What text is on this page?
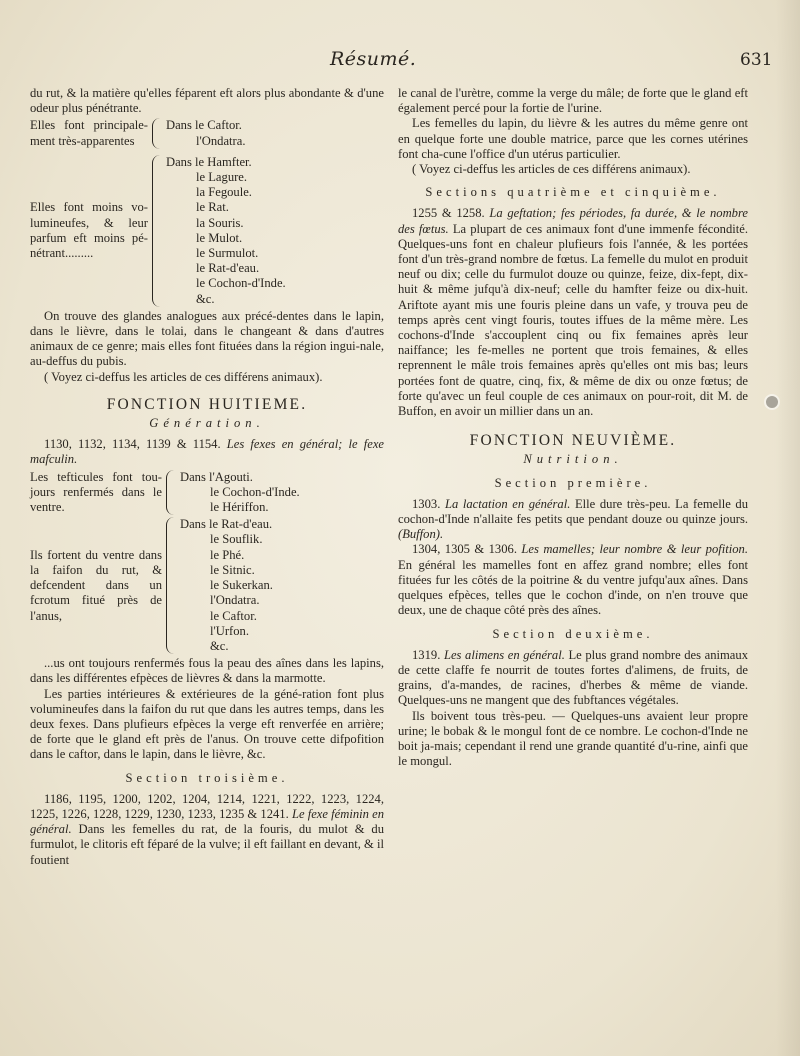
Résumé.	631

du rut, & la matière qu'elles féparent eft alors plus abondante & d'une odeur plus pénétrante.

Elles font principale-ment très-apparentes
Dans le Caftor.
l'Ondatra.
Elles font moins vo-lumineufes, & leur parfum eft moins pé-nétrant.........
Dans le Hamfter.
le Lagure.
la Fegoule.
le Rat.
la Souris.
le Mulot.
le Surmulot.
le Rat-d'eau.
le Cochon-d'Inde.
&c.

On trouve des glandes analogues aux précé-dentes dans le lapin, dans le lièvre, dans le tolai, dans le changeant & dans d'autres animaux de ce genre; mais elles font fituées dans la région ingui-nale, au-deffus du pubis.

( Voyez ci-deffus les articles de ces différens animaux).

FONCTION HUITIEME.
Génération.

1130, 1132, 1134, 1139 & 1154. Les fexes en général; le fexe mafculin.

Les tefticules font tou-jours renfermés dans le ventre.
Dans l'Agouti.
le Cochon-d'Inde.
le Hériffon.
Ils fortent du ventre dans la faifon du rut, & defcendent dans un fcrotum fitué près de l'anus,
Dans le Rat-d'eau.
le Souflik.
le Phé.
le Sitnic.
le Sukerkan.
l'Ondatra.
le Caftor.
l'Urfon.
&c.

...us ont toujours renfermés fous la peau des aînes dans les lapins, dans les différentes efpèces de lièvres & dans la marmotte.

Les parties intérieures & extérieures de la géné-ration font plus volumineufes dans la faifon du rut que dans les autres temps, dans les deux fexes. Dans plufieurs efpèces la verge eft renverfée en arrière; de forte que le gland eft près de l'anus. On trouve cette difpofition dans le caftor, dans le lapin, dans le lièvre, &c.

Section troisième.

1186, 1195, 1200, 1202, 1204, 1214, 1221, 1222, 1223, 1224, 1225, 1226, 1228, 1229, 1230, 1233, 1235 & 1241. Le fexe féminin en général. Dans les femelles du rat, de la fouris, du mulot & du furmulot, le clitoris eft féparé de la vulve; il eft faillant en devant, & il foutient

le canal de l'urètre, comme la verge du mâle; de forte que le gland eft également percé pour la fortie de l'urine.

Les femelles du lapin, du lièvre & les autres du même genre ont en quelque forte une double matrice, parce que les cornes utérines font cha-cune l'office d'un utérus particulier.

( Voyez ci-deffus les articles de ces différens animaux).

Sections quatrième et cinquième.

1255 & 1258. La geftation; fes périodes, fa durée, & le nombre des fœtus. La plupart de ces animaux font d'une immenfe fécondité. Quelques-uns font en chaleur plufieurs fois l'année, & les portées font d'un très-grand nombre de fœtus. La femelle du mulot en produit neuf ou dix; celle du furmulot douze ou quinze, feize, dix-fept, dix-huit & même jufqu'à dix-neuf; celle du hamfter feize ou dix-huit. Ariftote ayant mis une fouris pleine dans un vafe, y trouva peu de temps après cent vingt fouris, toutes iffues de la même mère. Les cochons-d'Inde s'accouplent cinq ou fix femaines après leur naiffance; les fe-melles ne portent que trois femaines, & elles reprennent le mâle trois femaines après qu'elles ont mis bas; leurs portées font de quatre, cinq, fix, & même de dix ou onze fœtus; de forte qu'avec un feul couple de ces animaux on pour-roit, dit M. de Buffon, en avoir un millier dans un an.

FONCTION NEUVIÈME.
Nutrition.
Section première.

1303. La lactation en général. Elle dure très-peu. La femelle du cochon-d'Inde n'allaite fes petits que pendant douze ou quinze jours. (Buffon).

1304, 1305 & 1306. Les mamelles; leur nombre & leur pofition. En général les mamelles font en affez grand nombre; elles font fituées fur les côtés de la poitrine & du ventre jufqu'aux aînes. Dans quelques efpèces, telles que le cochon d'inde, on n'en trouve que deux, une de chaque côté près des aînes.

Section deuxième.

1319. Les alimens en général. Le plus grand nombre des animaux de cette claffe fe nourrit de toutes fortes d'alimens, de fruits, de grains, d'a-mandes, de racines, d'herbes & même de viande. Quelques-uns ne mangent que des fubftances végétales.

Ils boivent tous très-peu. — Quelques-uns avaient leur propre urine; le bobak & le mongul font de ce nombre. Le cochon-d'Inde ne boit ja-mais; cependant il rend une grande quantité d'u-rine, ainfi que le mongul.
